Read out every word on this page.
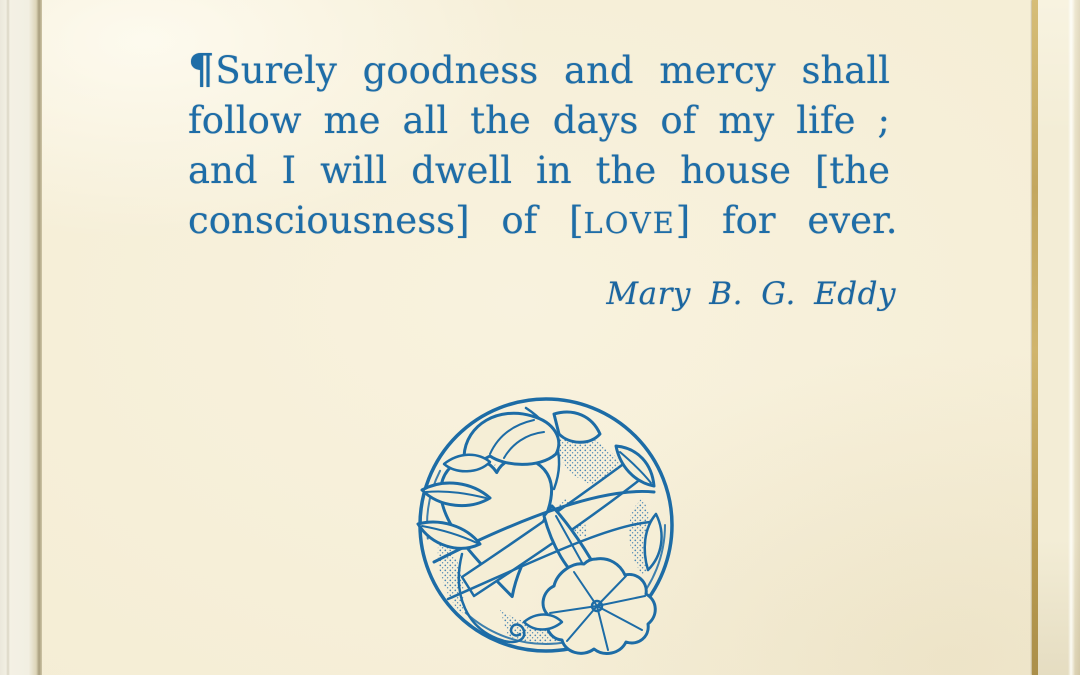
¶Surely goodness and mercy shall
follow me all the days of my life ;
and I will dwell in the house [the
consciousness] of [LOVE] for ever.
Mary B. G. Eddy
